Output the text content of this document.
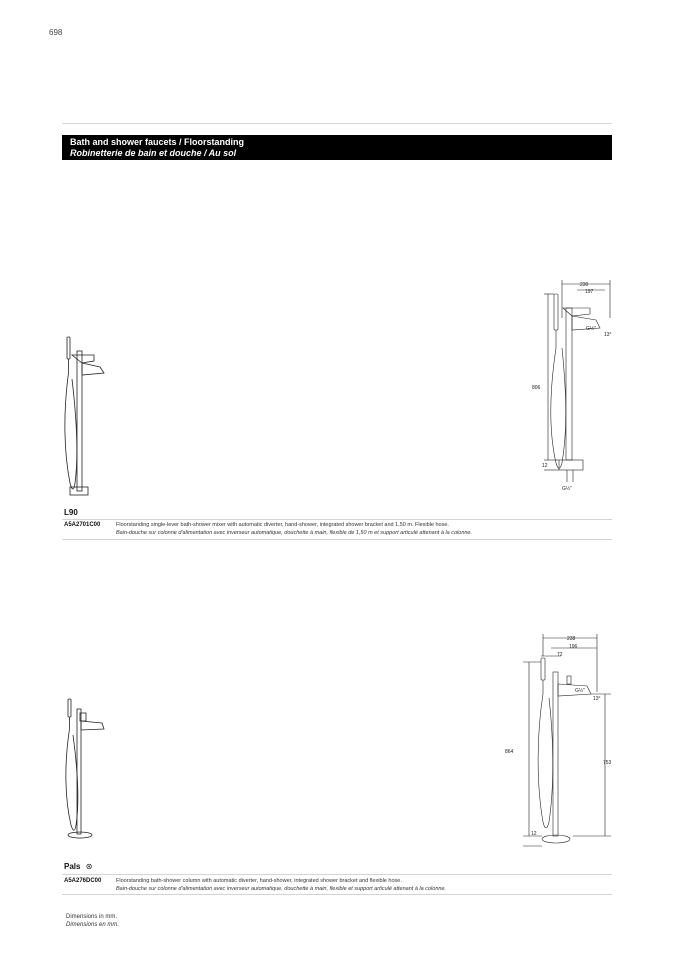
698
Bath and shower faucets / Floorstanding
Robinetterie de bain et douche / Au sol
230
197
G½"
13°
806
12
G½"
L90
A5A2701C00	Floorstanding single-lever bath-shower mixer with automatic diverter, hand-shower, integrated shower bracket and 1,50 m. Flexible hose.
Bain-douche sur colonne d'alimentation avec inverseur automatique, douchette à main, flexible de 1,50 m et support articulé attenant à la colonne.
238
196
72
G½"
13°
864
753
12
Pals ⊛
A5A276DC00	Floorstanding bath-shower column with automatic diverter, hand-shower, integrated shower bracket and flexible hose.
Bain-douche sur colonne d'alimentation avec inverseur automatique, douchette à main, flexible et support articulé attenant à la colonne.
Dimensions in mm.
Dimensions en mm.
